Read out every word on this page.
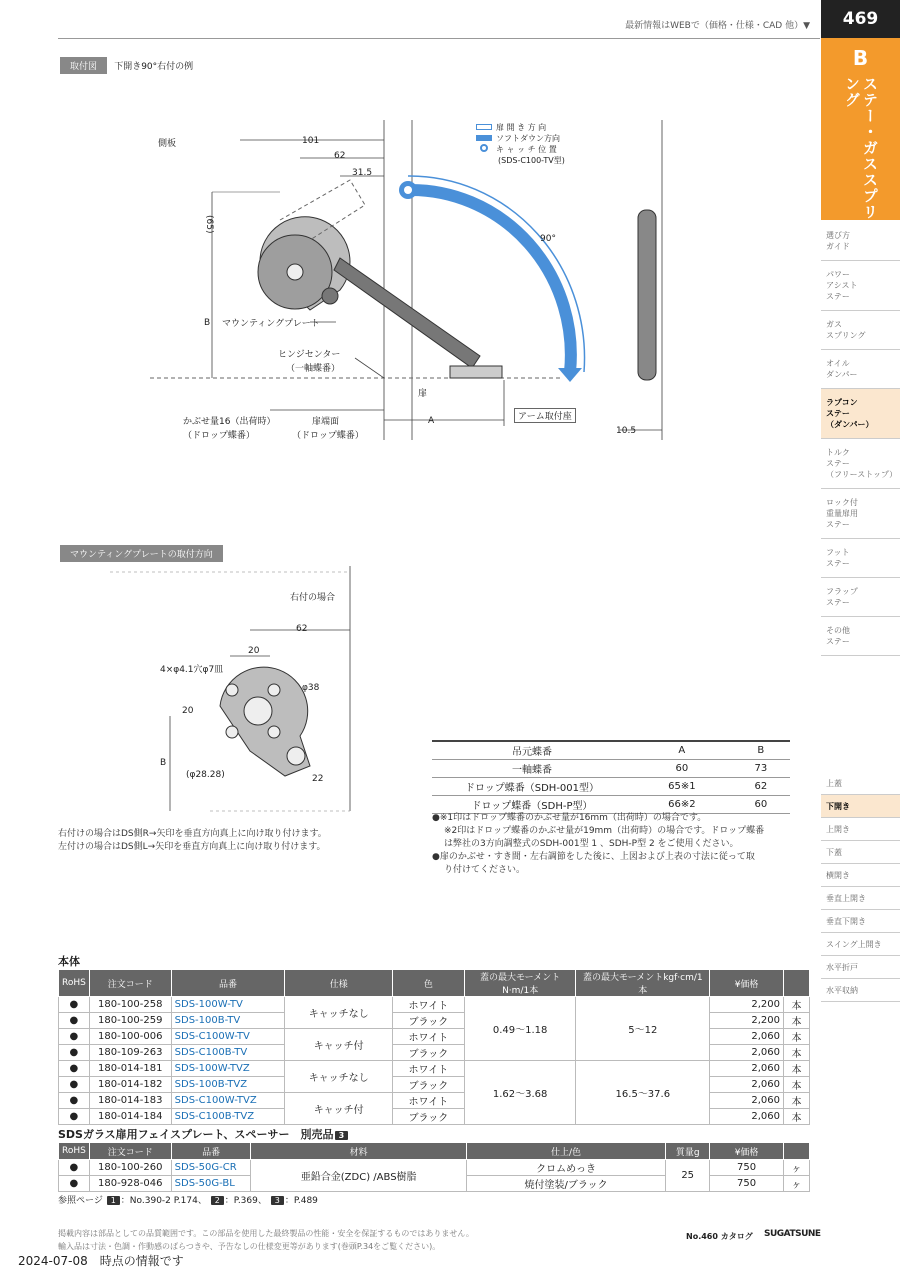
最新情報はWEBで（価格・仕様・CAD 他）▼	469
B
ステー・ガススプリング
選び方
ガイド
パワー
アシスト
ステー
ガス
スプリング
オイル
ダンパー
ラプコン
ステー
（ダンパー）
トルク
ステー
（フリーストップ）
ロック付
重量扉用
ステー
フット
ステー
フラップ
ステー
その他
ステー
上蓋
下開き
上開き
下蓋
横開き
垂直上開き
垂直下開き
スイング上開き
水平折戸
水平収納
取付図 下開き90°右付の例
側板	101
62
31.5
(65)
B マウンティングプレート
ヒンジセンター
（一軸蝶番）
かぶせ量16（出荷時）
（ドロップ蝶番）
扉端面
（ドロップ蝶番）
扉
A	アーム取付座
90°
10.5
扉 開 き 方 向
ソフトダウン方向
キ ャ ッ チ 位 置
(SDS-C100-TV型)
マウンティングプレートの取付方向
右付の場合
62
20
4×φ4.1穴φ7皿
φ38
20
B
(φ28.28)	22
右付けの場合はDS側R→矢印を垂直方向真上に向け取り付けます。
左付けの場合はDS側L→矢印を垂直方向真上に向け取り付けます。
吊元蝶番	A	B
一軸蝶番	60	73
ドロップ蝶番（SDH-001型）	65※1	62
ドロップ蝶番（SDH-P型）	66※2	60
●※1印はドロップ蝶番のかぶせ量が16mm（出荷時）の場合です。
※2印はドロップ蝶番のかぶせ量が19mm（出荷時）の場合です。ドロップ蝶番
は弊社の3方向調整式のSDH-001型 1 、SDH-P型 2 をご使用ください。
●扉のかぶせ・すき間・左右調節をした後に、上図および上表の寸法に従って取
り付けてください。
本体
RoHS	注文コード	品番	仕様	色	蓋の最大モーメントN·m/1本	蓋の最大モーメントkgf·cm/1本	¥価格	
●	180-100-258	SDS-100W-TV	キャッチなし	ホワイト	0.49～1.18	5～12	2,200	本
●	180-100-259	SDS-100B-TV		ブラック			2,200	本
●	180-100-006	SDS-C100W-TV	キャッチ付	ホワイト			2,060	本
●	180-109-263	SDS-C100B-TV		ブラック			2,060	本
●	180-014-181	SDS-100W-TVZ	キャッチなし	ホワイト	1.62～3.68	16.5～37.6	2,060	本
●	180-014-182	SDS-100B-TVZ		ブラック			2,060	本
●	180-014-183	SDS-C100W-TVZ	キャッチ付	ホワイト			2,060	本
●	180-014-184	SDS-C100B-TVZ		ブラック			2,060	本
SDSガラス扉用フェイスプレート、スペーサー　別売品 3
RoHS	注文コード	品番	材料	仕上/色	質量g	¥価格	
●	180-100-260	SDS-50G-CR	亜鉛合金(ZDC) /ABS樹脂	クロムめっき	25	750	ヶ
●	180-928-046	SDS-50G-BL		焼付塗装/ブラック		750	ヶ
参照ページ 1 ：No.390-2 P.174、 2 ：P.369、 3 ：P.489
掲載内容は部品としての品質範囲です。この部品を使用した最終製品の性能・安全を保証するものではありません。
輸入品は寸法・色調・作動感のばらつきや、予告なしの仕様変更等があります(巻頭P.34をご覧ください)。
No.460 カタログ SUGATSUNE
2024-07-08　時点の情報です
